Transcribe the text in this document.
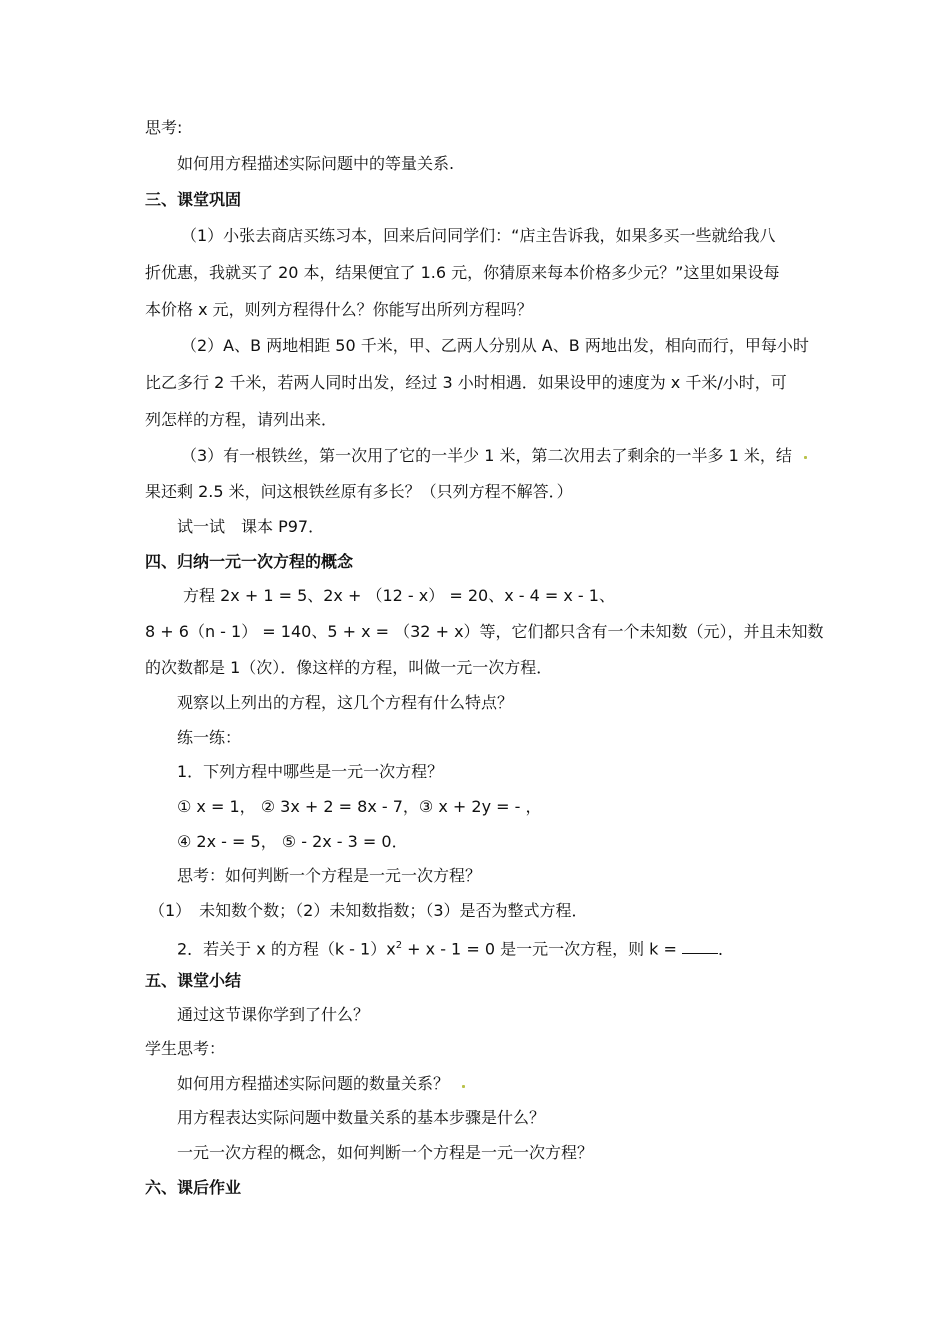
思考:
如何用方程描述实际问题中的等量关系.
三、课堂巩固
（1）小张去商店买练习本，回来后问同学们：“店主告诉我，如果多买一些就给我八
折优惠，我就买了 20 本，结果便宜了 1.6 元，你猜原来每本价格多少元？”这里如果设每
本价格 x 元，则列方程得什么？你能写出所列方程吗？
（2）A、B 两地相距 50 千米，甲、乙两人分别从 A、B 两地出发，相向而行，甲每小时
比乙多行 2 千米，若两人同时出发，经过 3 小时相遇．如果设甲的速度为 x 千米/小时，可
列怎样的方程，请列出来．
（3）有一根铁丝，第一次用了它的一半少 1 米，第二次用去了剩余的一半多 1 米，结
果还剩 2.5 米，问这根铁丝原有多长？（只列方程不解答．）
试一试　课本 P97．
四、归纳一元一次方程的概念
方程 2x + 1 = 5、2x + （12 - x） = 20、x - 4 = x - 1、
8 + 6（n - 1） = 140、5 + x = （32 + x）等，它们都只含有一个未知数（元），并且未知数
的次数都是 1（次）．像这样的方程，叫做一元一次方程．
观察以上列出的方程，这几个方程有什么特点？
练一练：
1．下列方程中哪些是一元一次方程？
① x = 1， ② 3x + 2 = 8x - 7，③ x + 2y = - ，
④ 2x - = 5， ⑤ - 2x - 3 = 0．
思考：如何判断一个方程是一元一次方程？
（1）　未知数个数；（2）未知数指数；（3）是否为整式方程．
2．若关于 x 的方程$(k - 1)x^2 + x - 1 = 0$ 是一元一次方程，则 k = ．
五、课堂小结
通过这节课你学到了什么？
学生思考：
如何用方程描述实际问题的数量关系？
用方程表达实际问题中数量关系的基本步骤是什么？
一元一次方程的概念，如何判断一个方程是一元一次方程？
六、课后作业
